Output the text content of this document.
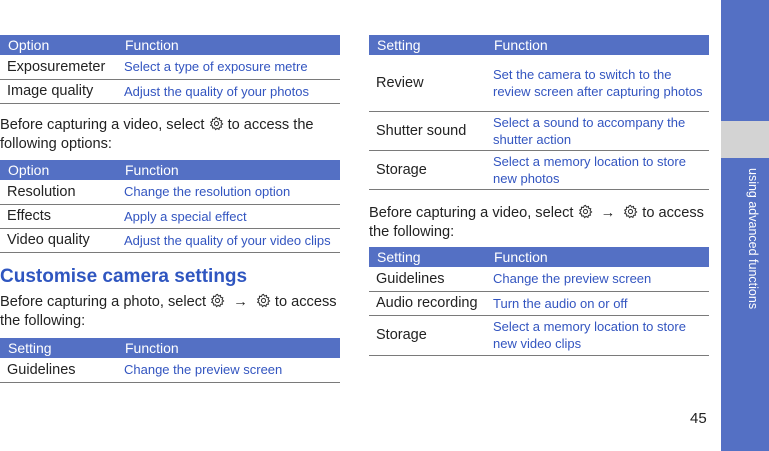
Option	Function
Exposuremeter	Select a type of exposure metre
Image quality	Adjust the quality of your photos

Before capturing a video, select to access the following options:

Option	Function
Resolution	Change the resolution option
Effects	Apply a special effect
Video quality	Adjust the quality of your video clips
Customise camera settings

Before capturing a photo, select → to access the following:

Setting	Function
Guidelines	Change the preview screen
Setting	Function
Review	Set the camera to switch to the review screen after capturing photos
Shutter sound	Select a sound to accompany the shutter action
Storage	Select a memory location to store new photos

Before capturing a video, select → to access the following:

Setting	Function
Guidelines	Change the preview screen
Audio recording	Turn the audio on or off
Storage	Select a memory location to store new video clips
using advanced functions
45
